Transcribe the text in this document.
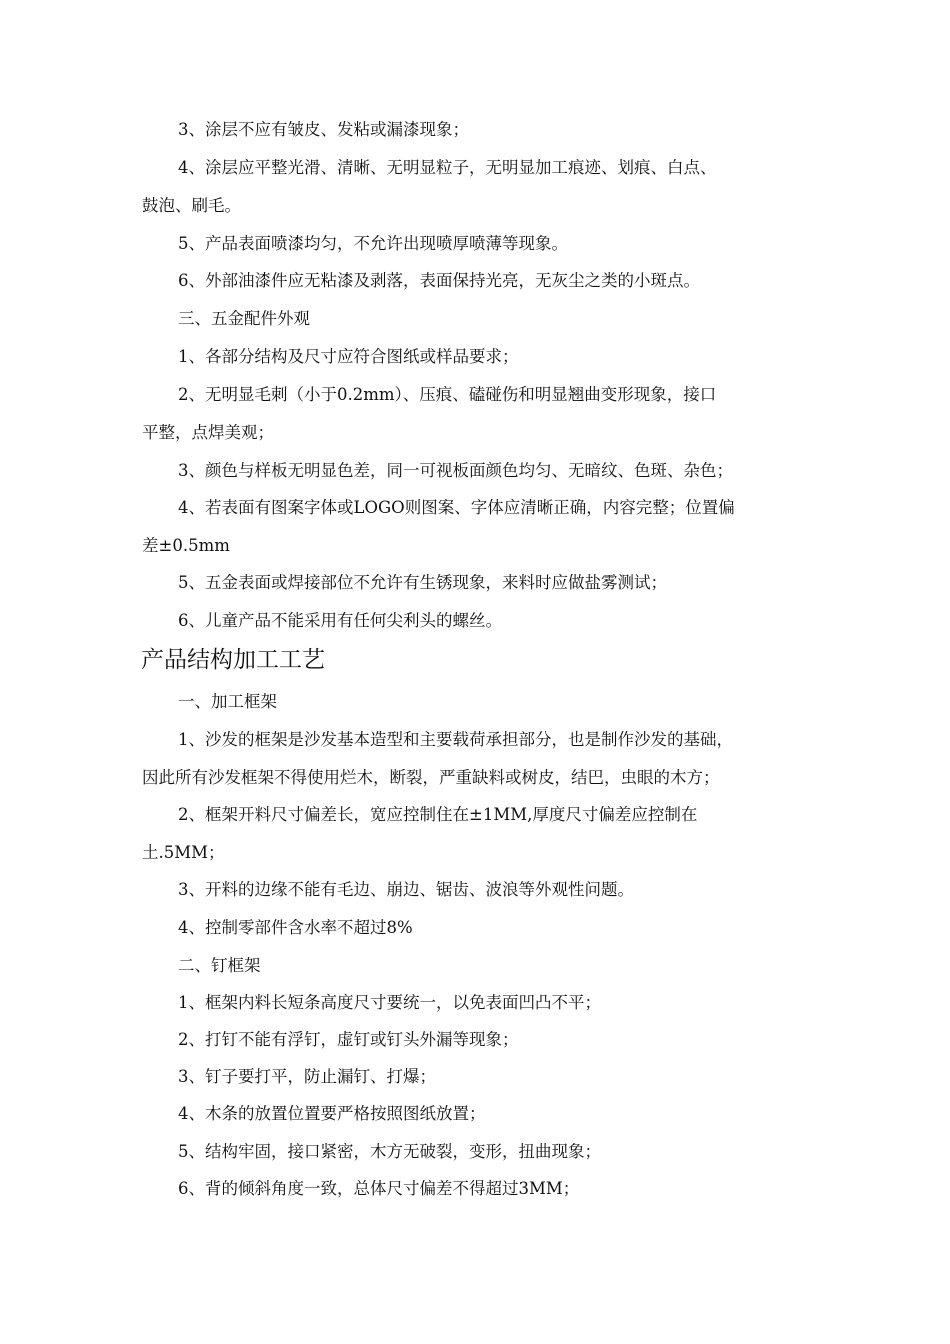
3、涂层不应有皱皮、发粘或漏漆现象；
4、涂层应平整光滑、清晰、无明显粒子，无明显加工痕迹、划痕、白点、
鼓泡、刷毛。
5、产品表面喷漆均匀，不允许出现喷厚喷薄等现象。
6、外部油漆件应无粘漆及剥落，表面保持光亮，无灰尘之类的小斑点。
三、五金配件外观
1、各部分结构及尺寸应符合图纸或样品要求；
2、无明显毛刺（小于0.2mm）、压痕、磕碰伤和明显翘曲变形现象，接口
平整，点焊美观；
3、颜色与样板无明显色差，同一可视板面颜色均匀、无暗纹、色斑、杂色；
4、若表面有图案字体或LOGO则图案、字体应清晰正确，内容完整；位置偏
差±0.5mm
5、五金表面或焊接部位不允许有生锈现象，来料时应做盐雾测试；
6、儿童产品不能采用有任何尖利头的螺丝。
产品结构加工工艺
一、加工框架
1、沙发的框架是沙发基本造型和主要载荷承担部分，也是制作沙发的基础，
因此所有沙发框架不得使用烂木，断裂，严重缺料或树皮，结巴，虫眼的木方；
2、框架开料尺寸偏差长，宽应控制住在±1MM,厚度尺寸偏差应控制在
土.5MM；
3、开料的边缘不能有毛边、崩边、锯齿、波浪等外观性问题。
4、控制零部件含水率不超过8%
二、钉框架
1、框架内料长短条高度尺寸要统一，以免表面凹凸不平；
2、打钉不能有浮钉，虚钉或钉头外漏等现象；
3、钉子要打平，防止漏钉、打爆；
4、木条的放置位置要严格按照图纸放置；
5、结构牢固，接口紧密，木方无破裂，变形，扭曲现象；
6、背的倾斜角度一致，总体尺寸偏差不得超过3MM；
